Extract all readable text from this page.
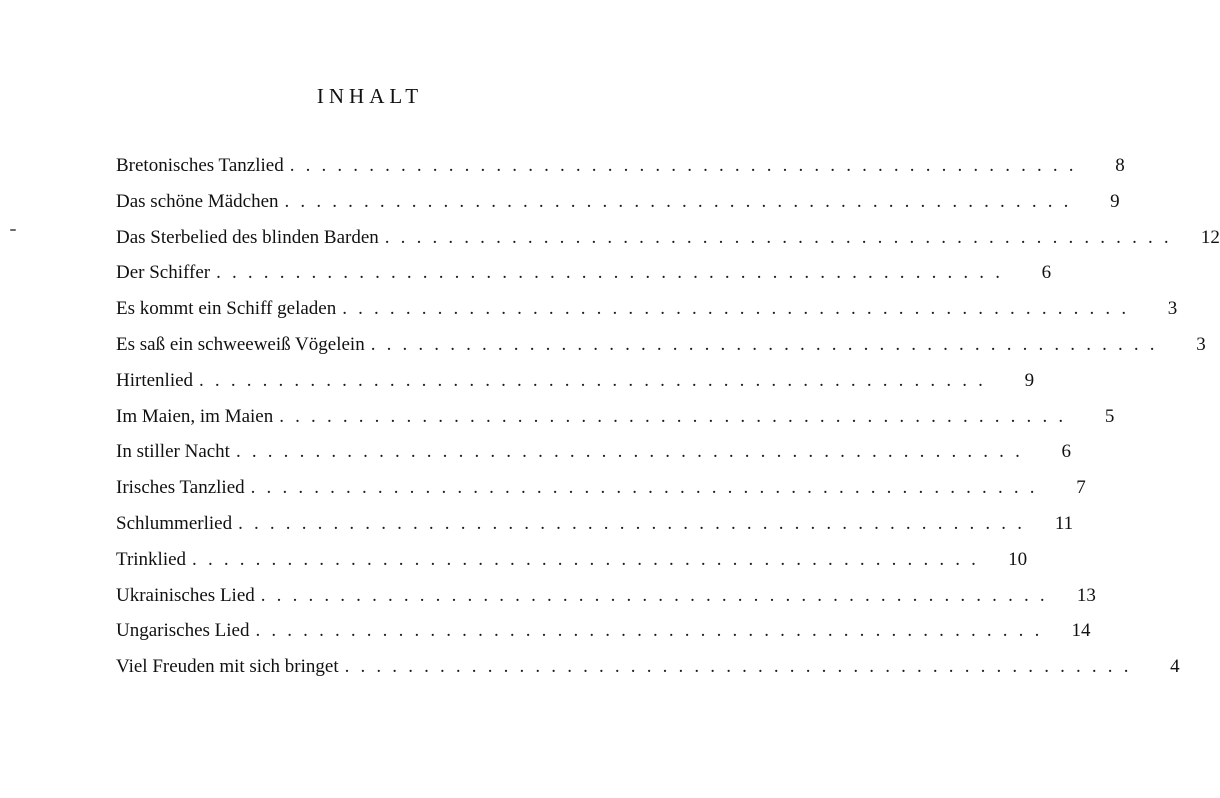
INHALT
Bretonisches Tanzlied . . . . . . . . . . . . . . . . . . . . . . . . . . . . . . . . . . . . . . . . . . . . . . . . . .	8
Das schöne Mädchen . . . . . . . . . . . . . . . . . . . . . . . . . . . . . . . . . . . . . . . . . . . . . . . . . .	9
Das Sterbelied des blinden Barden . . . . . . . . . . . . . . . . . . . . . . . . . . . . . . . . . . . . . . . . . . . . . . . . . . 12
Der Schiffer . . . . . . . . . . . . . . . . . . . . . . . . . . . . . . . . . . . . . . . . . . . . . . . . . .	6
Es kommt ein Schiff geladen . . . . . . . . . . . . . . . . . . . . . . . . . . . . . . . . . . . . . . . . . . . . . . . . . .	3
Es saß ein schweeweiß Vögelein . . . . . . . . . . . . . . . . . . . . . . . . . . . . . . . . . . . . . . . . . . . . . . . . . .	3
Hirtenlied . . . . . . . . . . . . . . . . . . . . . . . . . . . . . . . . . . . . . . . . . . . . . . . . . .	9
Im Maien, im Maien . . . . . . . . . . . . . . . . . . . . . . . . . . . . . . . . . . . . . . . . . . . . . . . . . .	5
In stiller Nacht . . . . . . . . . . . . . . . . . . . . . . . . . . . . . . . . . . . . . . . . . . . . . . . . . .	6
Irisches Tanzlied . . . . . . . . . . . . . . . . . . . . . . . . . . . . . . . . . . . . . . . . . . . . . . . . . .	7
Schlummerlied . . . . . . . . . . . . . . . . . . . . . . . . . . . . . . . . . . . . . . . . . . . . . . . . . . 11
Trinklied . . . . . . . . . . . . . . . . . . . . . . . . . . . . . . . . . . . . . . . . . . . . . . . . . . 10
Ukrainisches Lied . . . . . . . . . . . . . . . . . . . . . . . . . . . . . . . . . . . . . . . . . . . . . . . . . . 13
Ungarisches Lied . . . . . . . . . . . . . . . . . . . . . . . . . . . . . . . . . . . . . . . . . . . . . . . . . . 14
Viel Freuden mit sich bringet . . . . . . . . . . . . . . . . . . . . . . . . . . . . . . . . . . . . . . . . . . . . . . . . . .	4
